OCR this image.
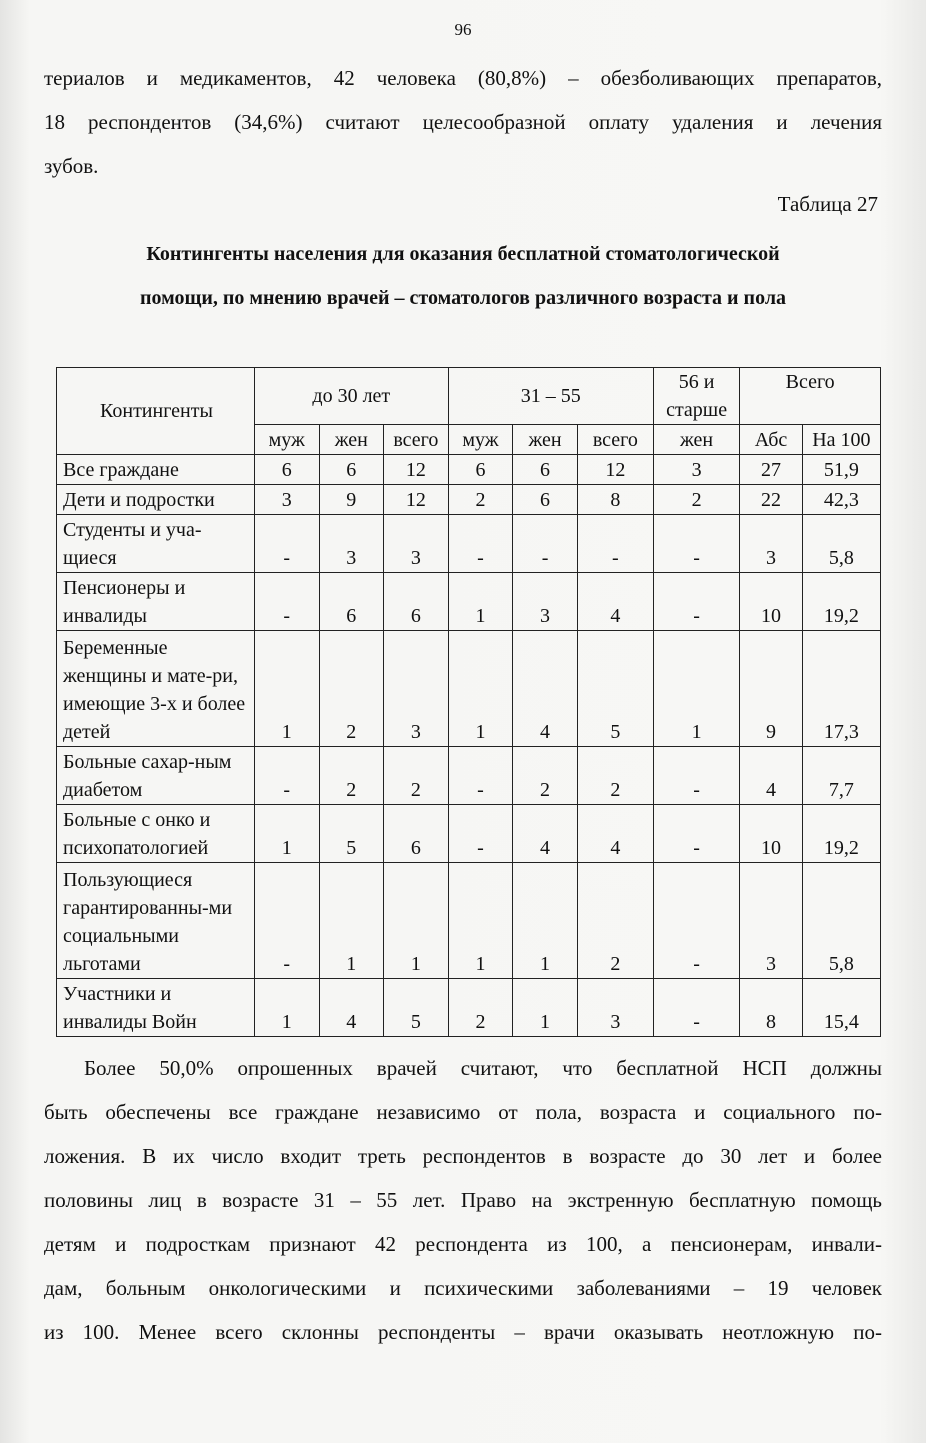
96
териалов и медикаментов, 42 человека (80,8%) – обезболивающих препаратов,
18 респондентов (34,6%) считают целесообразной оплату удаления и лечения
зубов.
Таблица 27
Контингенты населения для оказания бесплатной стоматологической
помощи, по мнению врачей – стоматологов различного возраста и пола
Контингенты	до 30 лет			31 – 55			56 и старше	Всего	
	муж	жен	всего	муж	жен	всего	жен	Абс	На 100
Все граждане	6	6	12	6	6	12	3	27	51,9
Дети и подростки	3	9	12	2	6	8	2	22	42,3
Студенты и уча-щиеся	-	3	3	-	-	-	-	3	5,8
Пенсионеры и инвалиды	-	6	6	1	3	4	-	10	19,2
Беременные женщины и мате-ри, имеющие 3-х и более детей	1	2	3	1	4	5	1	9	17,3
Больные сахар-ным диабетом	-	2	2	-	2	2	-	4	7,7
Больные с онко и психопатологией	1	5	6	-	4	4	-	10	19,2
Пользующиеся гарантированны-ми социальными льготами	-	1	1	1	1	2	-	3	5,8
Участники и инвалиды Войн	1	4	5	2	1	3	-	8	15,4
Более 50,0% опрошенных врачей считают, что бесплатной НСП должны
быть обеспечены все граждане независимо от пола, возраста и социального по-
ложения. В их число входит треть респондентов в возрасте до 30 лет и более
половины лиц в возрасте 31 – 55 лет. Право на экстренную бесплатную помощь
детям и подросткам признают 42 респондента из 100, а пенсионерам, инвали-
дам, больным онкологическими и психическими заболеваниями – 19 человек
из 100. Менее всего склонны респонденты – врачи оказывать неотложную по-
